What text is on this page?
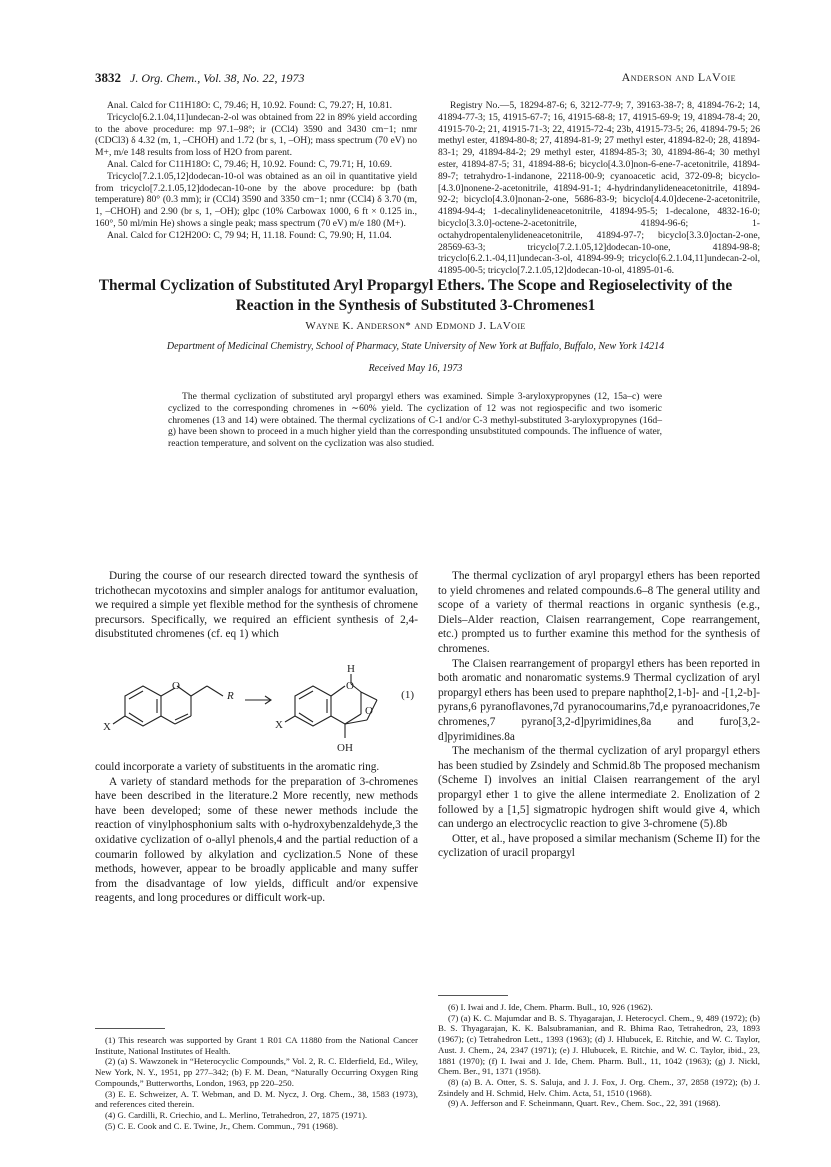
3832 J. Org. Chem., Vol. 38, No. 22, 1973	Anderson and LaVoie

Anal. Calcd for C11H18O: C, 79.46; H, 10.92. Found: C, 79.27; H, 10.81.

Tricyclo[6.2.1.04,11]undecan-2-ol was obtained from 22 in 89% yield according to the above procedure: mp 97.1–98°; ir (CCl4) 3590 and 3430 cm−1; nmr (CDCl3) δ 4.32 (m, 1, –CHOH) and 1.72 (br s, 1, –OH); mass spectrum (70 eV) no M+, m/e 148 results from loss of H2O from parent.

Anal. Calcd for C11H18O: C, 79.46; H, 10.92. Found: C, 79.71; H, 10.69.

Tricyclo[7.2.1.05,12]dodecan-10-ol was obtained as an oil in quantitative yield from tricyclo[7.2.1.05,12]dodecan-10-one by the above procedure: bp (bath temperature) 80° (0.3 mm); ir (CCl4) 3590 and 3350 cm−1; nmr (CCl4) δ 3.70 (m, 1, –CHOH) and 2.90 (br s, 1, –OH); glpc (10% Carbowax 1000, 6 ft × 0.125 in., 160°, 50 ml/min He) shows a single peak; mass spectrum (70 eV) m/e 180 (M+).

Anal. Calcd for C12H20O: C, 79 94; H, 11.18. Found: C, 79.90; H, 11.04.

Registry No.—5, 18294-87-6; 6, 3212-77-9; 7, 39163-38-7; 8, 41894-76-2; 14, 41894-77-3; 15, 41915-67-7; 16, 41915-68-8; 17, 41915-69-9; 19, 41894-78-4; 20, 41915-70-2; 21, 41915-71-3; 22, 41915-72-4; 23b, 41915-73-5; 26, 41894-79-5; 26 methyl ester, 41894-80-8; 27, 41894-81-9; 27 methyl ester, 41894-82-0; 28, 41894-83-1; 29, 41894-84-2; 29 methyl ester, 41894-85-3; 30, 41894-86-4; 30 methyl ester, 41894-87-5; 31, 41894-88-6; bicyclo[4.3.0]non-6-ene-7-acetonitrile, 41894-89-7; tetrahydro-1-indanone, 22118-00-9; cyanoacetic acid, 372-09-8; bicyclo-[4.3.0]nonene-2-acetonitrile, 41894-91-1; 4-hydrindanylideneacetonitrile, 41894-92-2; bicyclo[4.3.0]nonan-2-one, 5686-83-9; bicyclo[4.4.0]decene-2-acetonitrile, 41894-94-4; 1-decalinylideneacetonitrile, 41894-95-5; 1-decalone, 4832-16-0; bicyclo[3.3.0]-octene-2-acetonitrile, 41894-96-6; 1-octahydropentalenylideneacetonitrile, 41894-97-7; bicyclo[3.3.0]octan-2-one, 28569-63-3; tricyclo[7.2.1.05,12]dodecan-10-one, 41894-98-8; tricyclo[6.2.1.-04,11]undecan-3-ol, 41894-99-9; tricyclo[6.2.1.04,11]undecan-2-ol, 41895-00-5; tricyclo[7.2.1.05,12]dodecan-10-ol, 41895-01-6.

Thermal Cyclization of Substituted Aryl Propargyl Ethers. The Scope and Regioselectivity of the Reaction in the Synthesis of Substituted 3-Chromenes1
Wayne K. Anderson* and Edmond J. LaVoie
Department of Medicinal Chemistry, School of Pharmacy, State University of New York at Buffalo, Buffalo, New York 14214
Received May 16, 1973
The thermal cyclization of substituted aryl propargyl ethers was examined. Simple 3-aryloxypropynes (12, 15a–c) were cyclized to the corresponding chromenes in ∼60% yield. The cyclization of 12 was not regiospecific and two isomeric chromenes (13 and 14) were obtained. The thermal cyclizations of C-1 and/or C-3 methyl-substituted 3-aryloxypropynes (16d–g) have been shown to proceed in a much higher yield than the corresponding unsubstituted compounds. The influence of water, reaction temperature, and solvent on the cyclization was also studied.

During the course of our research directed toward the synthesis of trichothecan mycotoxins and simpler analogs for antitumor evaluation, we required a simple yet flexible method for the synthesis of chromene precursors. Specifically, we required an efficient synthesis of 2,4-disubstituted chromenes (cf. eq 1) which

O
R
X
O
H
O
X
OH
(1)

could incorporate a variety of substituents in the aromatic ring.

A variety of standard methods for the preparation of 3-chromenes have been described in the literature.2 More recently, new methods have been developed; some of these newer methods include the reaction of vinylphosphonium salts with o-hydroxybenzaldehyde,3 the oxidative cyclization of o-allyl phenols,4 and the partial reduction of a coumarin followed by alkylation and cyclization.5 None of these methods, however, appear to be broadly applicable and many suffer from the disadvantage of low yields, difficult and/or expensive reagents, and long procedures or difficult work-up.

The thermal cyclization of aryl propargyl ethers has been reported to yield chromenes and related compounds.6–8 The general utility and scope of a variety of thermal reactions in organic synthesis (e.g., Diels–Alder reaction, Claisen rearrangement, Cope rearrangement, etc.) prompted us to further examine this method for the synthesis of chromenes.

The Claisen rearrangement of propargyl ethers has been reported in both aromatic and nonaromatic systems.9 Thermal cyclization of aryl propargyl ethers has been used to prepare naphtho[2,1-b]- and -[1,2-b]-pyrans,6 pyranoflavones,7d pyranocoumarins,7d,e pyranoacridones,7e chromenes,7 pyrano[3,2-d]pyrimidines,8a and furo[3,2-d]pyrimidines.8a

The mechanism of the thermal cyclization of aryl propargyl ethers has been studied by Zsindely and Schmid.8b The proposed mechanism (Scheme I) involves an initial Claisen rearrangement of the aryl propargyl ether 1 to give the allene intermediate 2. Enolization of 2 followed by a [1,5] sigmatropic hydrogen shift would give 4, which can undergo an electrocyclic reaction to give 3-chromene (5).8b

Otter, et al., have proposed a similar mechanism (Scheme II) for the cyclization of uracil propargyl

(1) This research was supported by Grant 1 R01 CA 11880 from the National Cancer Institute, National Institutes of Health.

(2) (a) S. Wawzonek in “Heterocyclic Compounds,” Vol. 2, R. C. Elderfield, Ed., Wiley, New York, N. Y., 1951, pp 277–342; (b) F. M. Dean, “Naturally Occurring Oxygen Ring Compounds,” Butterworths, London, 1963, pp 220–250.

(3) E. E. Schweizer, A. T. Webman, and D. M. Nycz, J. Org. Chem., 38, 1583 (1973), and references cited therein.

(4) G. Cardilli, R. Criechio, and L. Merlino, Tetrahedron, 27, 1875 (1971).

(5) C. E. Cook and C. E. Twine, Jr., Chem. Commun., 791 (1968).

(6) I. Iwai and J. Ide, Chem. Pharm. Bull., 10, 926 (1962).

(7) (a) K. C. Majumdar and B. S. Thyagarajan, J. Heterocycl. Chem., 9, 489 (1972); (b) B. S. Thyagarajan, K. K. Balsubramanian, and R. Bhima Rao, Tetrahedron, 23, 1893 (1967); (c) Tetrahedron Lett., 1393 (1963); (d) J. Hlubucek, E. Ritchie, and W. C. Taylor, Aust. J. Chem., 24, 2347 (1971); (e) J. Hlubucek, E. Ritchie, and W. C. Taylor, ibid., 23, 1881 (1970); (f) I. Iwai and J. Ide, Chem. Pharm. Bull., 11, 1042 (1963); (g) J. Nickl, Chem. Ber., 91, 1371 (1958).

(8) (a) B. A. Otter, S. S. Saluja, and J. J. Fox, J. Org. Chem., 37, 2858 (1972); (b) J. Zsindely and H. Schmid, Helv. Chim. Acta, 51, 1510 (1968).

(9) A. Jefferson and F. Scheinmann, Quart. Rev., Chem. Soc., 22, 391 (1968).
